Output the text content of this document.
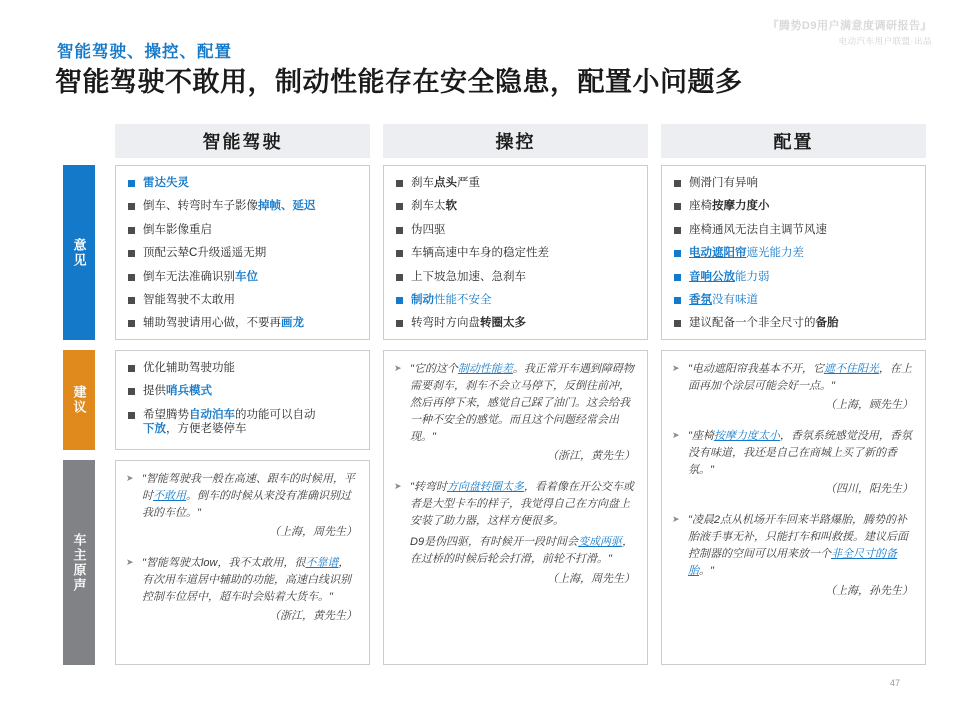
『腾势D9用户满意度调研报告』
电动汽车用户联盟·出品
智能驾驶、操控、配置
智能驾驶不敢用，制动性能存在安全隐患，配置小问题多
智能驾驶	操控	配置
意见
建议
车主原声
雷达失灵
倒车、转弯时车子影像掉帧、延迟
倒车影像重启
顶配云辇C升级遥遥无期
倒车无法准确识别车位
智能驾驶不太敢用
辅助驾驶请用心做，不要再画龙
刹车点头严重
刹车太软
伪四驱
车辆高速中车身的稳定性差
上下坡急加速、急刹车
制动性能不安全
转弯时方向盘转圈太多
侧滑门有异响
座椅按摩力度小
座椅通风无法自主调节风速
电动遮阳帘遮光能力差
音响公放能力弱
香氛没有味道
建议配备一个非全尺寸的备胎
优化辅助驾驶功能
提供哨兵模式
希望腾势自动泊车的功能可以自动
下放，方便老婆停车
➤ "智能驾驶我一般在高速、跟车的时候用，平时不敢用。倒车的时候从来没有准确识别过我的车位。"
（上海，周先生）
➤ "智能驾驶太low，我不太敢用，很不靠谱，有次用车道居中辅助的功能，高速白线识别控制车位居中，超车时会贴着大货车。"
（浙江，黄先生）
➤ "它的这个制动性能差。我正常开车遇到障碍物需要刹车，刹车不会立马停下，反倒往前冲，然后再停下来，感觉自己踩了油门。这会给我一种不安全的感觉。而且这个问题经常会出现。"
（浙江，黄先生）
➤ "转弯时方向盘转圈太多，看着像在开公交车或者是大型卡车的样子，我觉得自己在方向盘上安装了助力器，这样方便很多。
D9是伪四驱，有时候开一段时间会变成两驱，在过桥的时候后轮会打滑，前轮不打滑。"
（上海，周先生）
➤ "电动遮阳帘我基本不开，它遮不住阳光，在上面再加个涂层可能会好一点。"
（上海，顾先生）
➤ "座椅按摩力度太小，香氛系统感觉没用，香氛没有味道，我还是自己在商城上买了新的香氛。"
（四川，阳先生）
➤ "凌晨2点从机场开车回来半路爆胎，腾势的补胎液手事无补，只能打车和叫救援。建议后面控制器的空间可以用来放一个非全尺寸的备胎。"
（上海，孙先生）
47
